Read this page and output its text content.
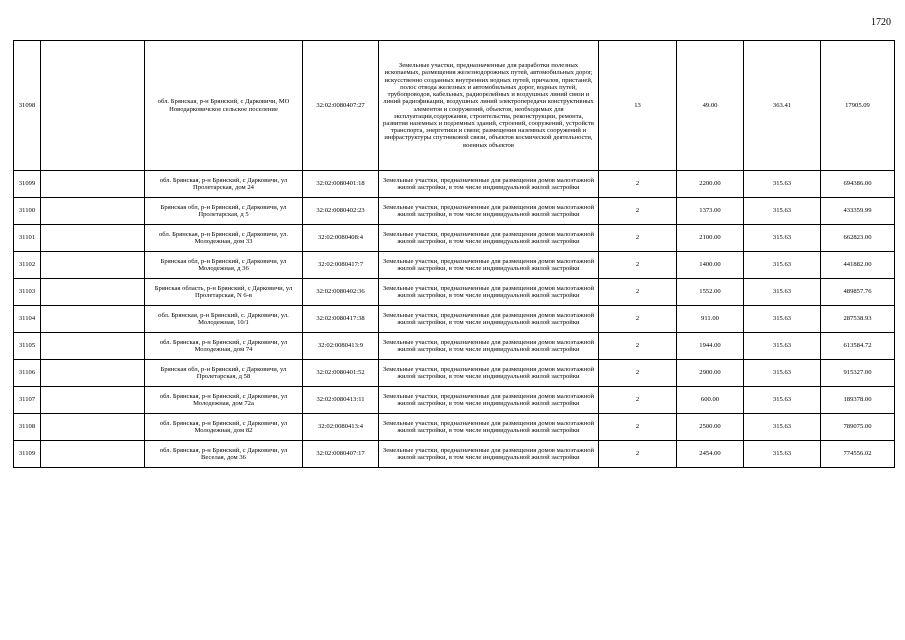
1720
31098		обл. Брянская, р-н Брянский, с Дарковичи, МО Новодарковичское сельское поселение	32:02:0080407:27	Земельные участки, предназначенные для разработки полезных ископаемых, размещения железнодорожных путей, автомобильных дорог, искусственно созданных внутренних водных путей, причалов, пристаней, полос отвода железных и автомобильных дорог, водных путей, трубопроводов, кабельных, радиорелейных и воздушных линий связи и линий радиофикации, воздушных линий электропередачи конструктивных элементов и сооружений, объектов, необходимых для эксплуатации,содержания, строительства, реконструкции, ремонта, развития наземных и подземных зданий, строений, сооружений, устройств транспорта, энергетики и связи; размещения наземных сооружений и инфраструктуры спутниковой связи, объектов космической деятельности, военных объектов	13	49.00	363.41	17905.09
31099		обл. Брянская, р-н Брянский, с Дарковичи, ул Пролетарская, дом 24	32:02:0080401:18	Земельные участки, предназначенные для размещения домов малоэтажной жилой застройки, в том числе индивидуальной жилой застройки	2	2200.00	315.63	694386.00
31100		Брянская обл, р-н Брянский, с Дарковичи, ул Пролетарская, д 5	32:02:0080402:23	Земельные участки, предназначенные для размещения домов малоэтажной жилой застройки, в том числе индивидуальной жилой застройки	2	1373.00	315.63	433359.99
31101		обл. Брянская, р-н Брянский, с Дарковичи, ул. Молодежная, дом 33	32:02:0080408:4	Земельные участки, предназначенные для размещения домов малоэтажной жилой застройки, в том числе индивидуальной жилой застройки	2	2100.00	315.63	662823.00
31102		Брянская обл, р-н Брянский, с Дарковичи, ул Молодежная, д 36	32:02:0080417:7	Земельные участки, предназначенные для размещения домов малоэтажной жилой застройки, в том числе индивидуальной жилой застройки	2	1400.00	315.63	441882.00
31103		Брянская область, р-н Брянский, с Дарковичи, ул Пролетарская, N 6-в	32:02:0080402:36	Земельные участки, предназначенные для размещения домов малоэтажной жилой застройки, в том числе индивидуальной жилой застройки	2	1552.00	315.63	489857.76
31104		обл. Брянская, р-н Брянский, с. Дарковичи, ул. Молодежная, 10/1	32:02:0080417:38	Земельные участки, предназначенные для размещения домов малоэтажной жилой застройки, в том числе индивидуальной жилой застройки	2	911.00	315.63	287538.93
31105		обл. Брянская, р-н Брянский, с Дарковичи, ул Молодежная, дом 74	32:02:0080413:9	Земельные участки, предназначенные для размещения домов малоэтажной жилой застройки, в том числе индивидуальной жилой застройки	2	1944.00	315.63	613584.72
31106		Брянская обл, р-н Брянский, с Дарковичи, ул Пролетарская, д 58	32:02:0080401:52	Земельные участки, предназначенные для размещения домов малоэтажной жилой застройки, в том числе индивидуальной жилой застройки	2	2900.00	315.63	915327.00
31107		обл. Брянская, р-н Брянский, с Дарковичи, ул Молодежная, дом 72а	32:02:0080413:11	Земельные участки, предназначенные для размещения домов малоэтажной жилой застройки, в том числе индивидуальной жилой застройки	2	600.00	315.63	189378.00
31108		обл. Брянская, р-н Брянский, с Дарковичи, ул Молодежная, дом 82	32:02:0080413:4	Земельные участки, предназначенные для размещения домов малоэтажной жилой застройки, в том числе индивидуальной жилой застройки	2	2500.00	315.63	789075.00
31109		обл. Брянская, р-н Брянский, с Дарковичи, ул Веселая, дом 36	32:02:0080407:17	Земельные участки, предназначенные для размещения домов малоэтажной жилой застройки, в том числе индивидуальной жилой застройки	2	2454.00	315.63	774556.02
